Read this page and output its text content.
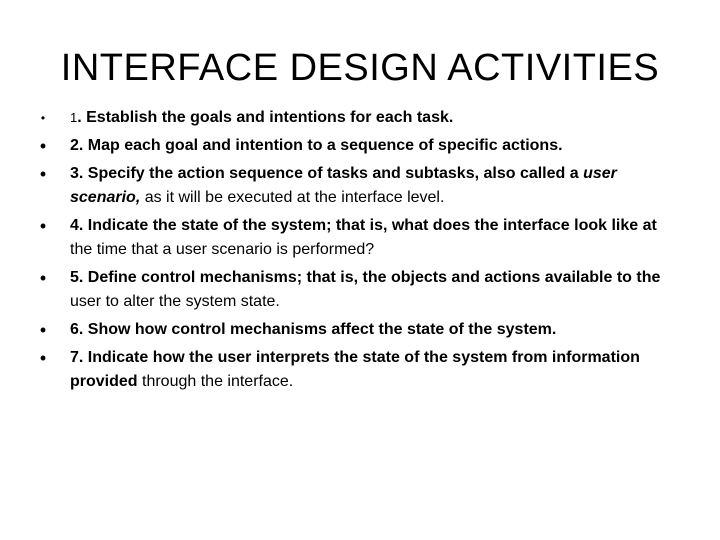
INTERFACE DESIGN ACTIVITIES
•	1. Establish the goals and intentions for each task.
• 2. Map each goal and intention to a sequence of specific actions.
• 3. Specify the action sequence of tasks and subtasks, also called a user scenario, as it will be executed at the interface level.
• 4. Indicate the state of the system; that is, what does the interface look like at the time that a user scenario is performed?
• 5. Define control mechanisms; that is, the objects and actions available to the user to alter the system state.
• 6. Show how control mechanisms affect the state of the system.
• 7. Indicate how the user interprets the state of the system from information provided through the interface.
